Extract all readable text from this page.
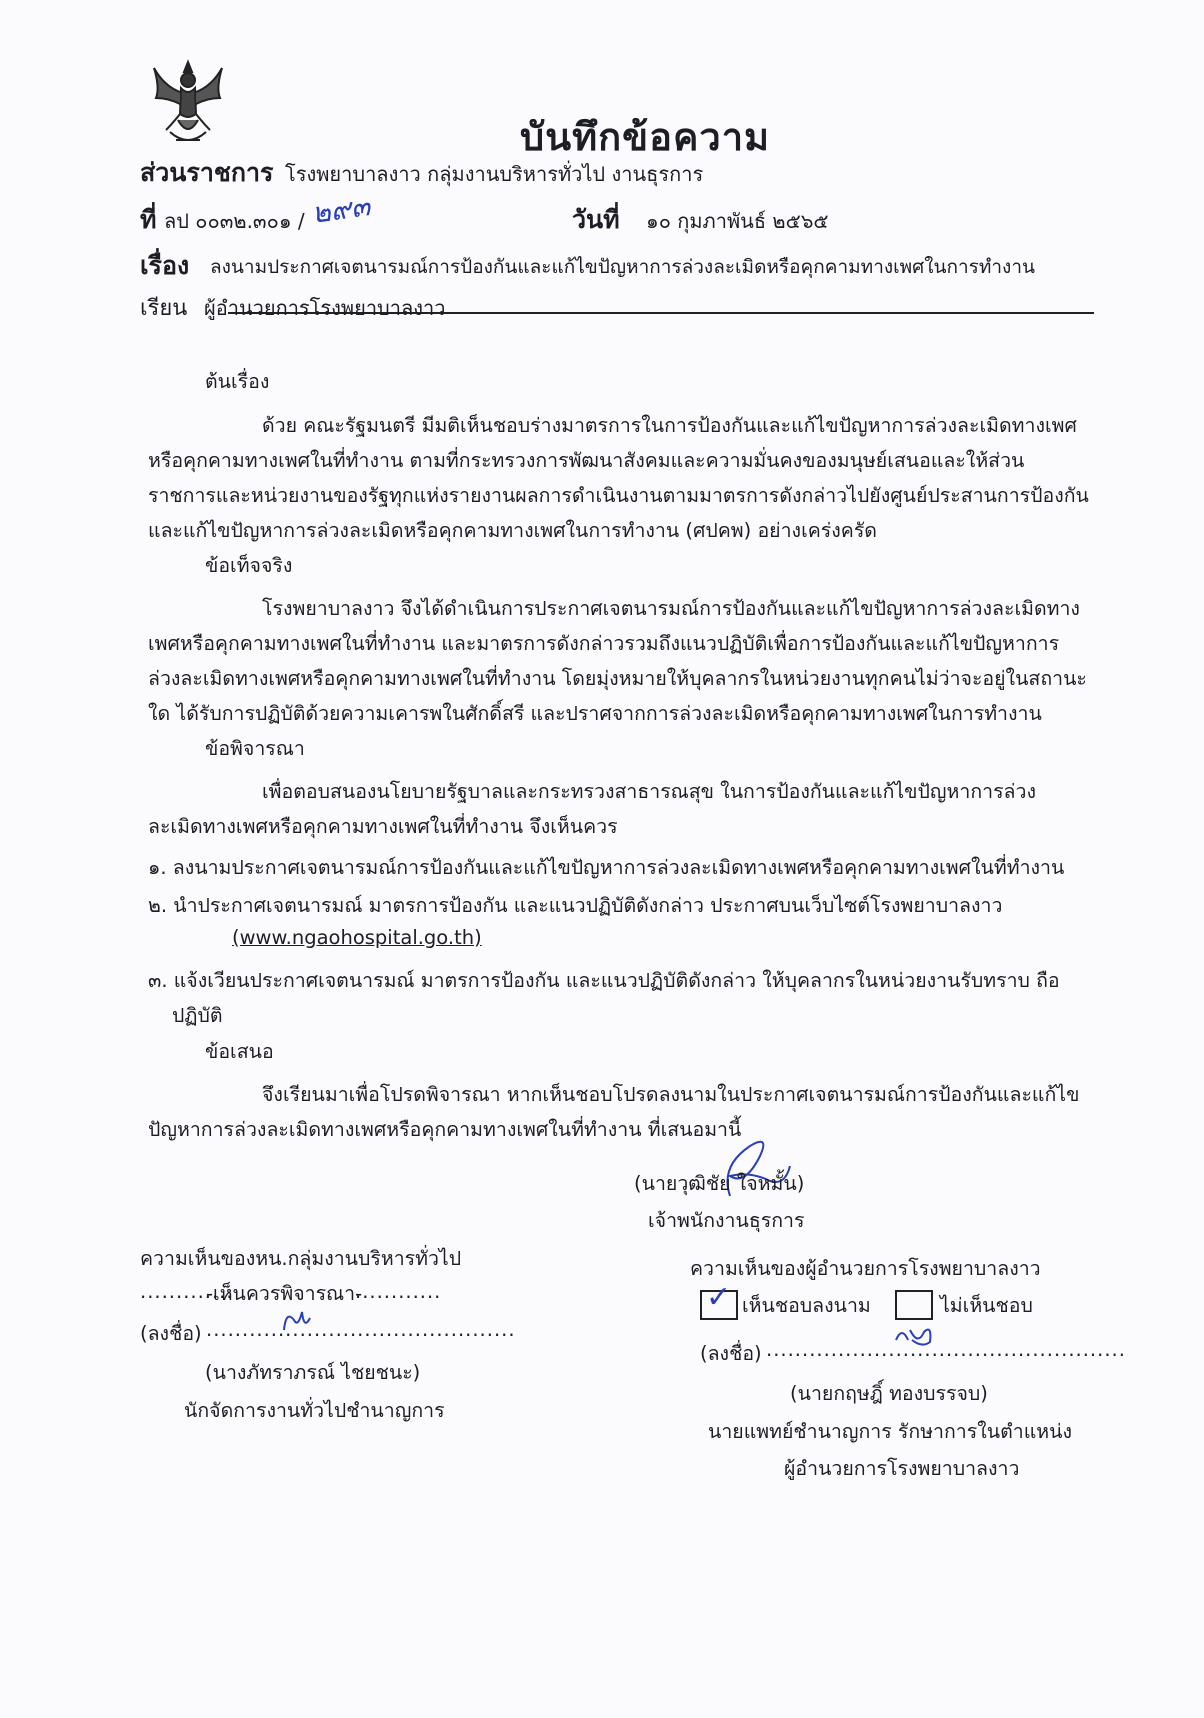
บันทึกข้อความ
ส่วนราชการ โรงพยาบาลงาว กลุ่มงานบริหารทั่วไป งานธุรการ
ที่ ลป ๐๐๓๒.๓๐๑ / ๒๙๓	วันที่ ๑๐ กุมภาพันธ์ ๒๕๖๕
เรื่อง ลงนามประกาศเจตนารมณ์การป้องกันและแก้ไขปัญหาการล่วงละเมิดหรือคุกคามทางเพศในการทำงาน
เรียน ผู้อำนวยการโรงพยาบาลงาว
ต้นเรื่อง
ด้วย คณะรัฐมนตรี มีมติเห็นชอบร่างมาตรการในการป้องกันและแก้ไขปัญหาการล่วงละเมิดทางเพศ
หรือคุกคามทางเพศในที่ทำงาน ตามที่กระทรวงการพัฒนาสังคมและความมั่นคงของมนุษย์เสนอและให้ส่วน
ราชการและหน่วยงานของรัฐทุกแห่งรายงานผลการดำเนินงานตามมาตรการดังกล่าวไปยังศูนย์ประสานการป้องกัน
และแก้ไขปัญหาการล่วงละเมิดหรือคุกคามทางเพศในการทำงาน (ศปคพ) อย่างเคร่งครัด
ข้อเท็จจริง
โรงพยาบาลงาว จึงได้ดำเนินการประกาศเจตนารมณ์การป้องกันและแก้ไขปัญหาการล่วงละเมิดทาง
เพศหรือคุกคามทางเพศในที่ทำงาน และมาตรการดังกล่าวรวมถึงแนวปฏิบัติเพื่อการป้องกันและแก้ไขปัญหาการ
ล่วงละเมิดทางเพศหรือคุกคามทางเพศในที่ทำงาน โดยมุ่งหมายให้บุคลากรในหน่วยงานทุกคนไม่ว่าจะอยู่ในสถานะ
ใด ได้รับการปฏิบัติด้วยความเคารพในศักดิ์สรี และปราศจากการล่วงละเมิดหรือคุกคามทางเพศในการทำงาน
ข้อพิจารณา
เพื่อตอบสนองนโยบายรัฐบาลและกระทรวงสาธารณสุข ในการป้องกันและแก้ไขปัญหาการล่วง
ละเมิดทางเพศหรือคุกคามทางเพศในที่ทำงาน จึงเห็นควร
๑. ลงนามประกาศเจตนารมณ์การป้องกันและแก้ไขปัญหาการล่วงละเมิดทางเพศหรือคุกคามทางเพศในที่ทำงาน
๒. นำประกาศเจตนารมณ์ มาตรการป้องกัน และแนวปฏิบัติดังกล่าว ประกาศบนเว็บไซต์โรงพยาบาลงาว
(www.ngaohospital.go.th)
๓. แจ้งเวียนประกาศเจตนารมณ์ มาตรการป้องกัน และแนวปฏิบัติดังกล่าว ให้บุคลากรในหน่วยงานรับทราบ ถือ
ปฏิบัติ
ข้อเสนอ
จึงเรียนมาเพื่อโปรดพิจารณา หากเห็นชอบโปรดลงนามในประกาศเจตนารมณ์การป้องกันและแก้ไข
ปัญหาการล่วงละเมิดทางเพศหรือคุกคามทางเพศในที่ทำงาน ที่เสนอมานี้
(นายวุฒิชัย ใจหมั้น)
เจ้าพนักงานธุรการ
ความเห็นของหน.กลุ่มงานบริหารทั่วไป
.............
-เห็นควรพิจารณา-
............
(ลงชื่อ) ...........................................
(นางภัทราภรณ์ ไชยชนะ)
นักจัดการงานทั่วไปชำนาญการ
ความเห็นของผู้อำนวยการโรงพยาบาลงาว
✓ เห็นชอบลงนาม	ไม่เห็นชอบ
(ลงชื่อ) ..................................................
(นายกฤษฎิ์ ทองบรรจบ)
นายแพทย์ชำนาญการ รักษาการในตำแหน่ง
ผู้อำนวยการโรงพยาบาลงาว
